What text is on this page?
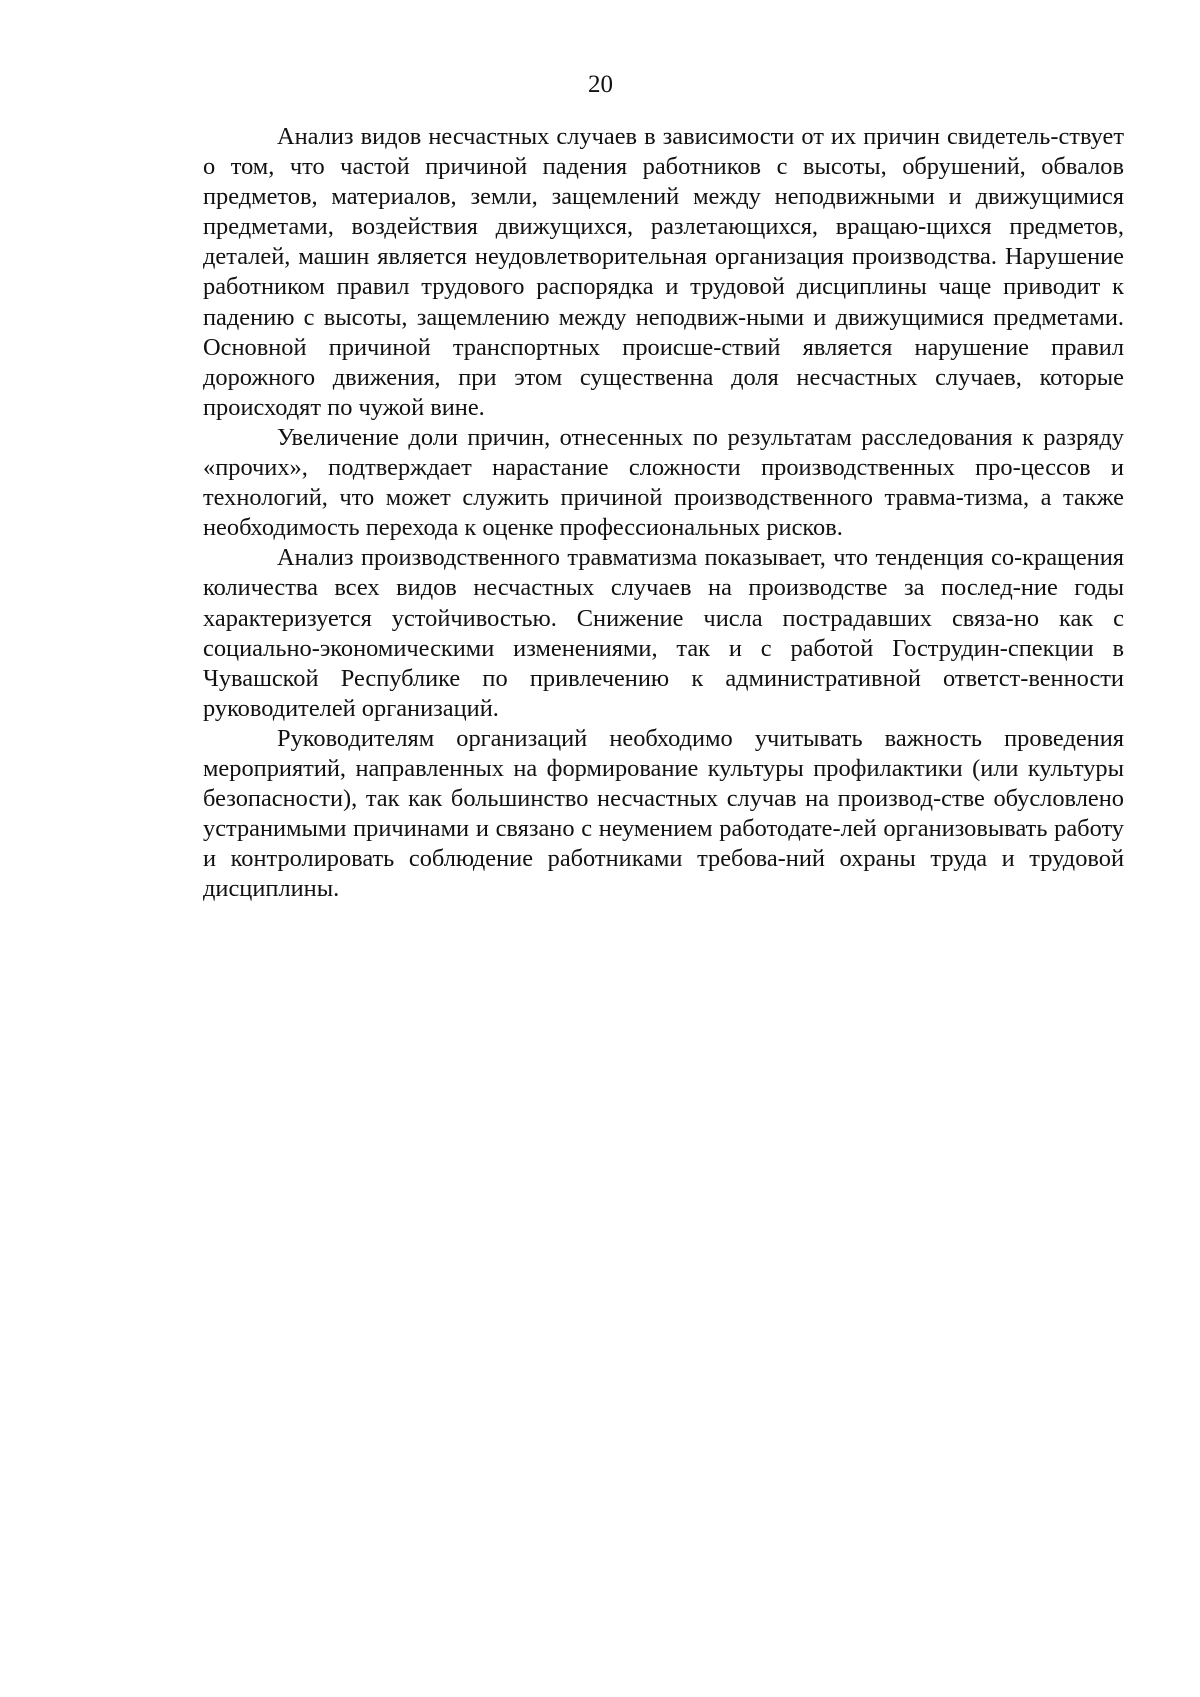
20

Анализ видов несчастных случаев в зависимости от их причин свидетель-ствует о том, что частой причиной падения работников с высоты, обрушений, обвалов предметов, материалов, земли, защемлений между неподвижными и движущимися предметами, воздействия движущихся, разлетающихся, вращаю-щихся предметов, деталей, машин является неудовлетворительная организация производства. Нарушение работником правил трудового распорядка и трудовой дисциплины чаще приводит к падению с высоты, защемлению между неподвиж-ными и движущимися предметами. Основной причиной транспортных происше-ствий является нарушение правил дорожного движения, при этом существенна доля несчастных случаев, которые происходят по чужой вине.

Увеличение доли причин, отнесенных по результатам расследования к разряду «прочих», подтверждает нарастание сложности производственных про-цессов и технологий, что может служить причиной производственного травма-тизма, а также необходимость перехода к оценке профессиональных рисков.

Анализ производственного травматизма показывает, что тенденция со-кращения количества всех видов несчастных случаев на производстве за послед-ние годы характеризуется устойчивостью. Снижение числа пострадавших связа-но как с социально-экономическими изменениями, так и с работой Гострудин-спекции в Чувашской Республике по привлечению к административной ответст-венности руководителей организаций.

Руководителям организаций необходимо учитывать важность проведения мероприятий, направленных на формирование культуры профилактики (или культуры безопасности), так как большинство несчастных случав на производ-стве обусловлено устранимыми причинами и связано с неумением работодате-лей организовывать работу и контролировать соблюдение работниками требова-ний охраны труда и трудовой дисциплины.
